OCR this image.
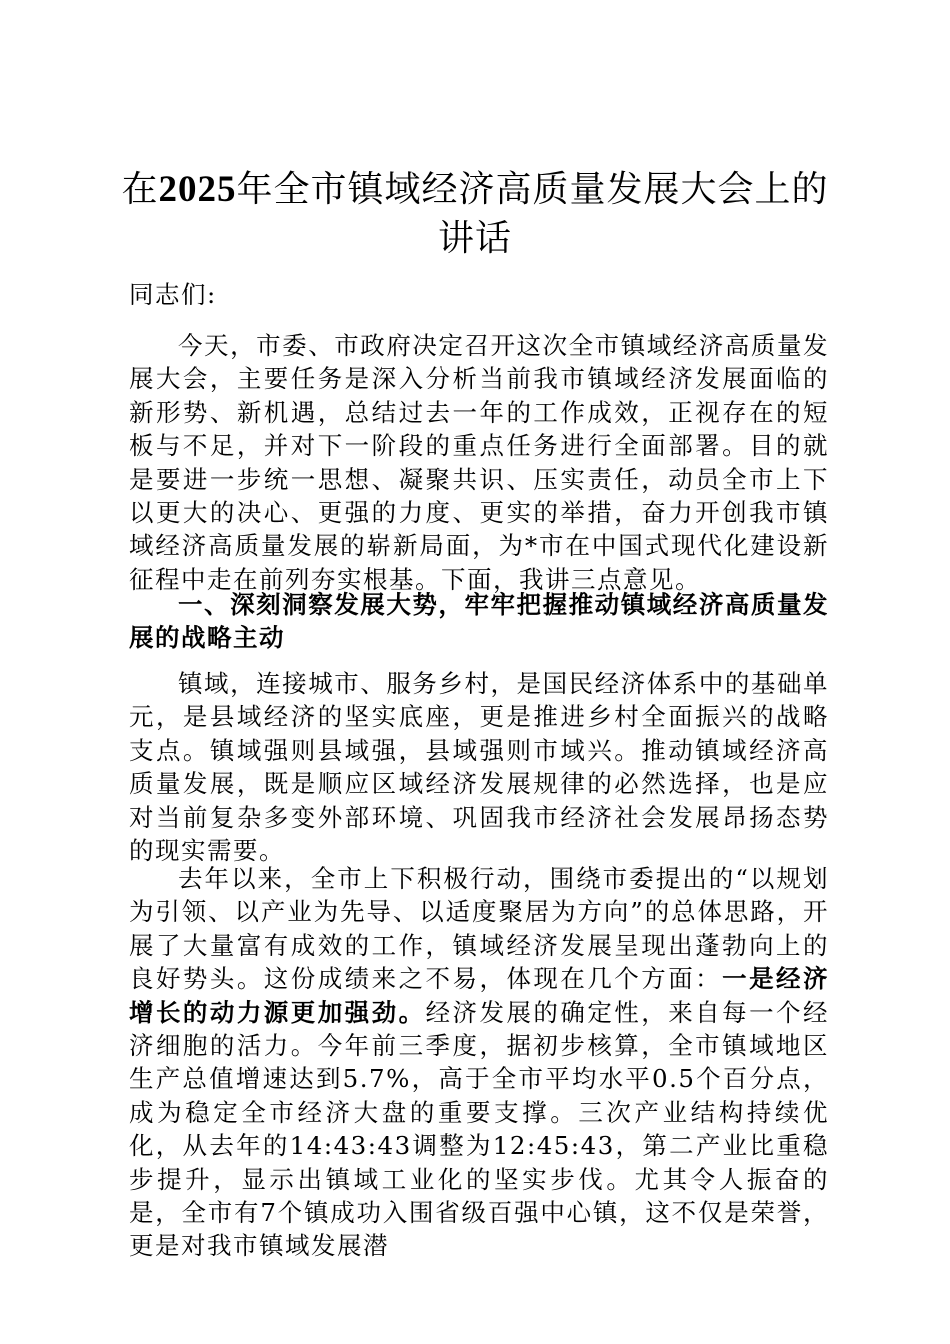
在2025年全市镇域经济高质量发展大会上的
讲话
同志们:
今天，市委、市政府决定召开这次全市镇域经济高质量发展大会，主要任务是深入分析当前我市镇域经济发展面临的新形势、新机遇，总结过去一年的工作成效，正视存在的短板与不足，并对下一阶段的重点任务进行全面部署。目的就是要进一步统一思想、凝聚共识、压实责任，动员全市上下以更大的决心、更强的力度、更实的举措，奋力开创我市镇域经济高质量发展的崭新局面，为*市在中国式现代化建设新征程中走在前列夯实根基。下面，我讲三点意见。
一、深刻洞察发展大势，牢牢把握推动镇域经济高质量发展的战略主动
镇域，连接城市、服务乡村，是国民经济体系中的基础单元，是县域经济的坚实底座，更是推进乡村全面振兴的战略支点。镇域强则县域强，县域强则市域兴。推动镇域经济高质量发展，既是顺应区域经济发展规律的必然选择，也是应对当前复杂多变外部环境、巩固我市经济社会发展昂扬态势的现实需要。
去年以来，全市上下积极行动，围绕市委提出的“以规划为引领、以产业为先导、以适度聚居为方向”的总体思路，开展了大量富有成效的工作，镇域经济发展呈现出蓬勃向上的良好势头。这份成绩来之不易，体现在几个方面：一是经济增长的动力源更加强劲。经济发展的确定性，来自每一个经济细胞的活力。今年前三季度，据初步核算，全市镇域地区生产总值增速达到5.7%，高于全市平均水平0.5个百分点，成为稳定全市经济大盘的重要支撑。三次产业结构持续优化，从去年的14:43:43调整为12:45:43，第二产业比重稳步提升，显示出镇域工业化的坚实步伐。尤其令人振奋的是，全市有7个镇成功入围省级百强中心镇，这不仅是荣誉，更是对我市镇域发展潜
